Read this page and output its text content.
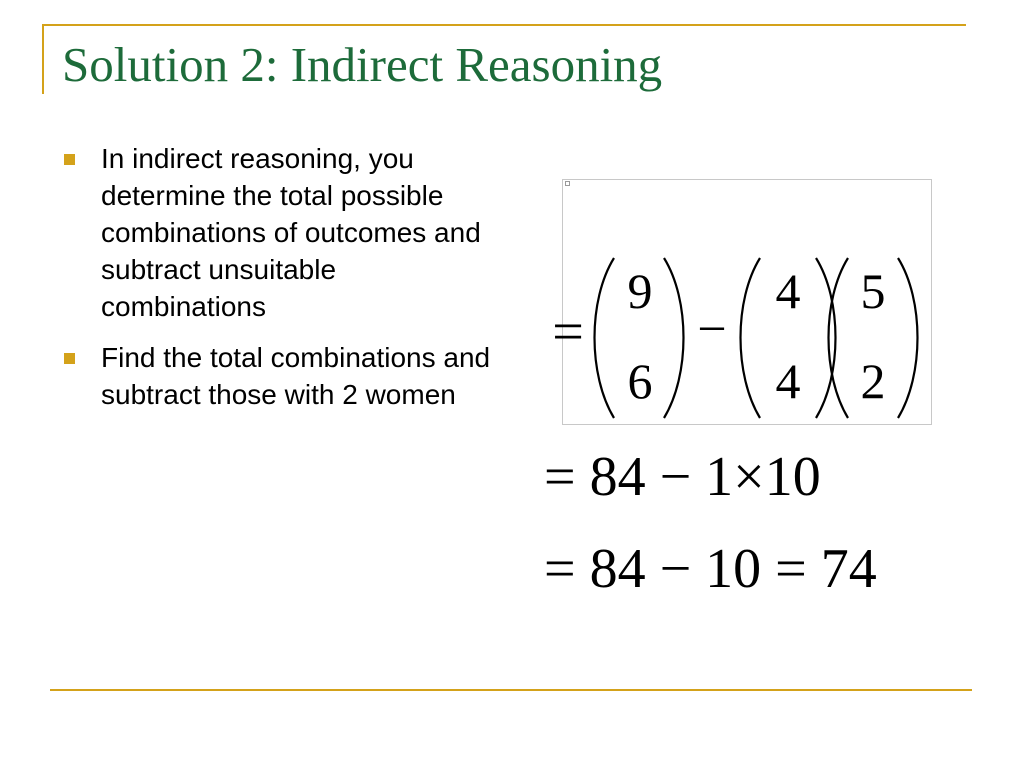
Solution 2: Indirect Reasoning
In indirect reasoning, you determine the total possible combinations of outcomes and subtract unsuitable combinations
Find the total combinations and subtract those with 2 women
=
9
6
−
4
4
5
2
= 84 − 1×10
= 84 − 10 = 74
